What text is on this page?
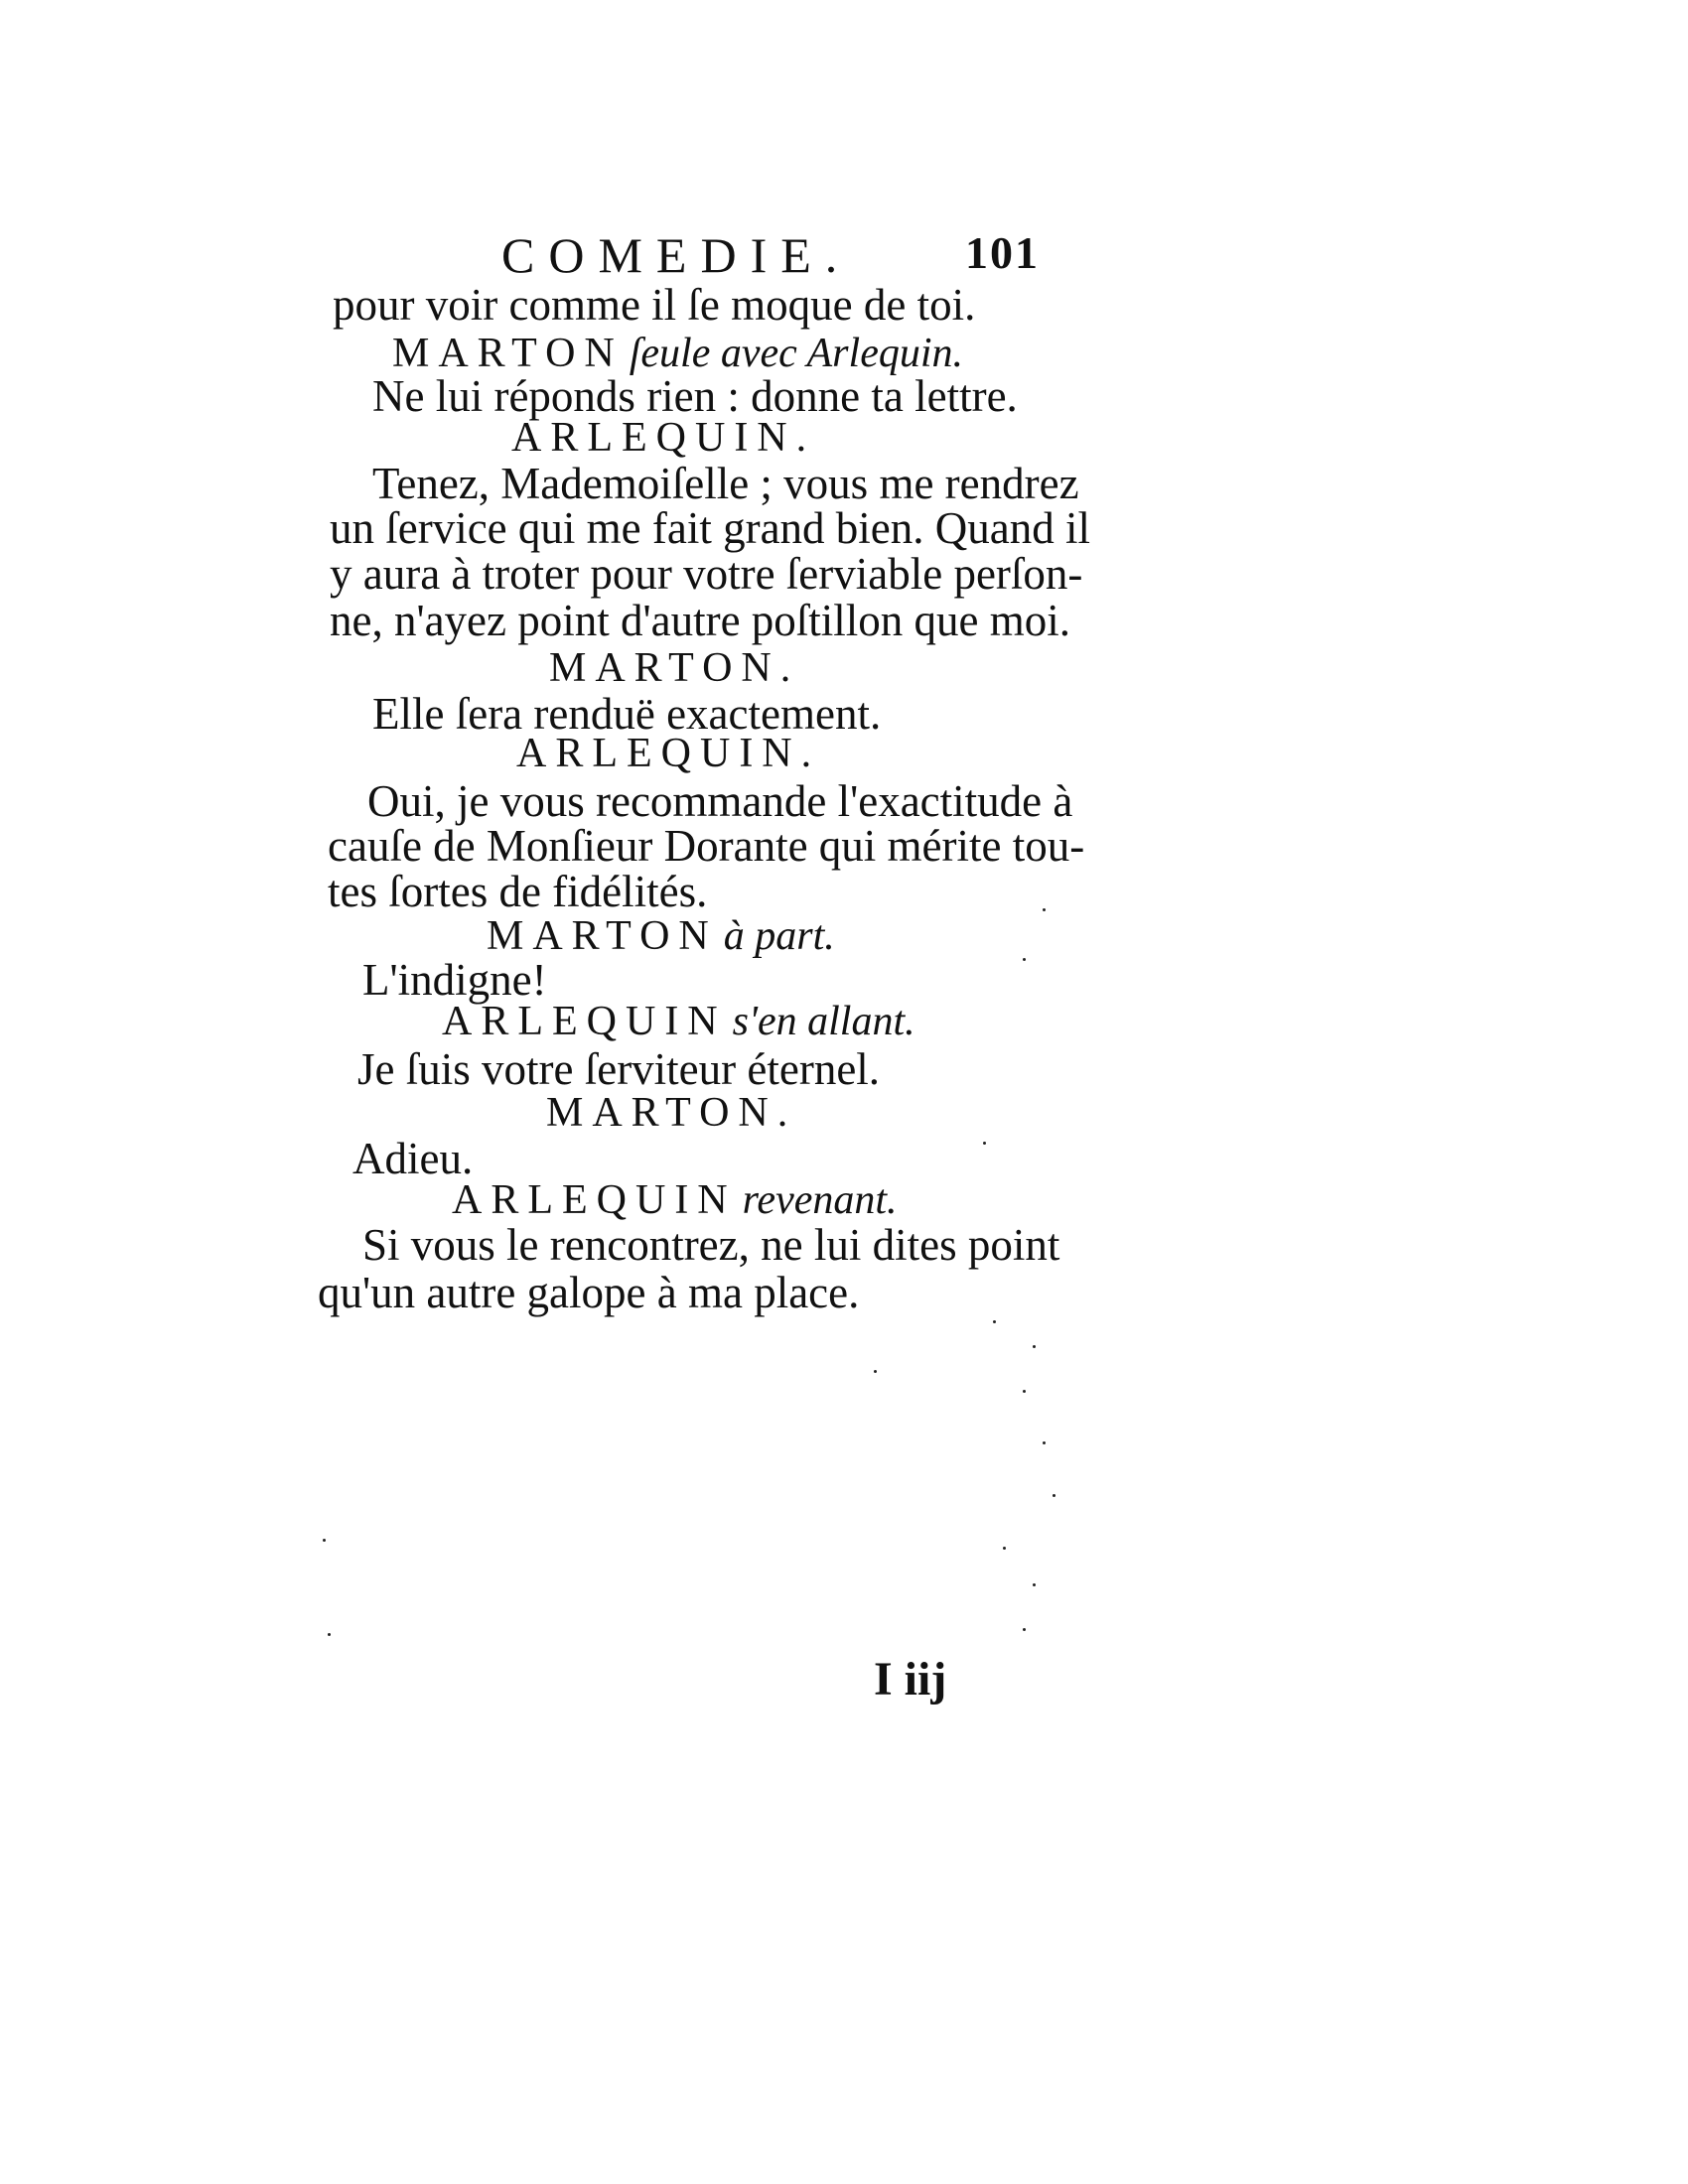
COMEDIE. 101
pour voir comme il ſe moque de toi.
MARTON ſeule avec Arlequin.
Ne lui réponds rien : donne ta lettre.
ARLEQUIN.
Tenez, Mademoiſelle ; vous me rendrez
un ſervice qui me fait grand bien. Quand il
y aura à troter pour votre ſerviable perſon-
ne, n'ayez point d'autre poſtillon que moi.
MARTON.
Elle ſera renduë exactement.
ARLEQUIN.
Oui, je vous recommande l'exactitude à
cauſe de Monſieur Dorante qui mérite tou-
tes ſortes de fidélités.
MARTON à part.
L'indigne!
ARLEQUIN s'en allant.
Je ſuis votre ſerviteur éternel.
MARTON.
Adieu.
ARLEQUIN revenant.
Si vous le rencontrez, ne lui dites point
qu'un autre galope à ma place.
I iij
